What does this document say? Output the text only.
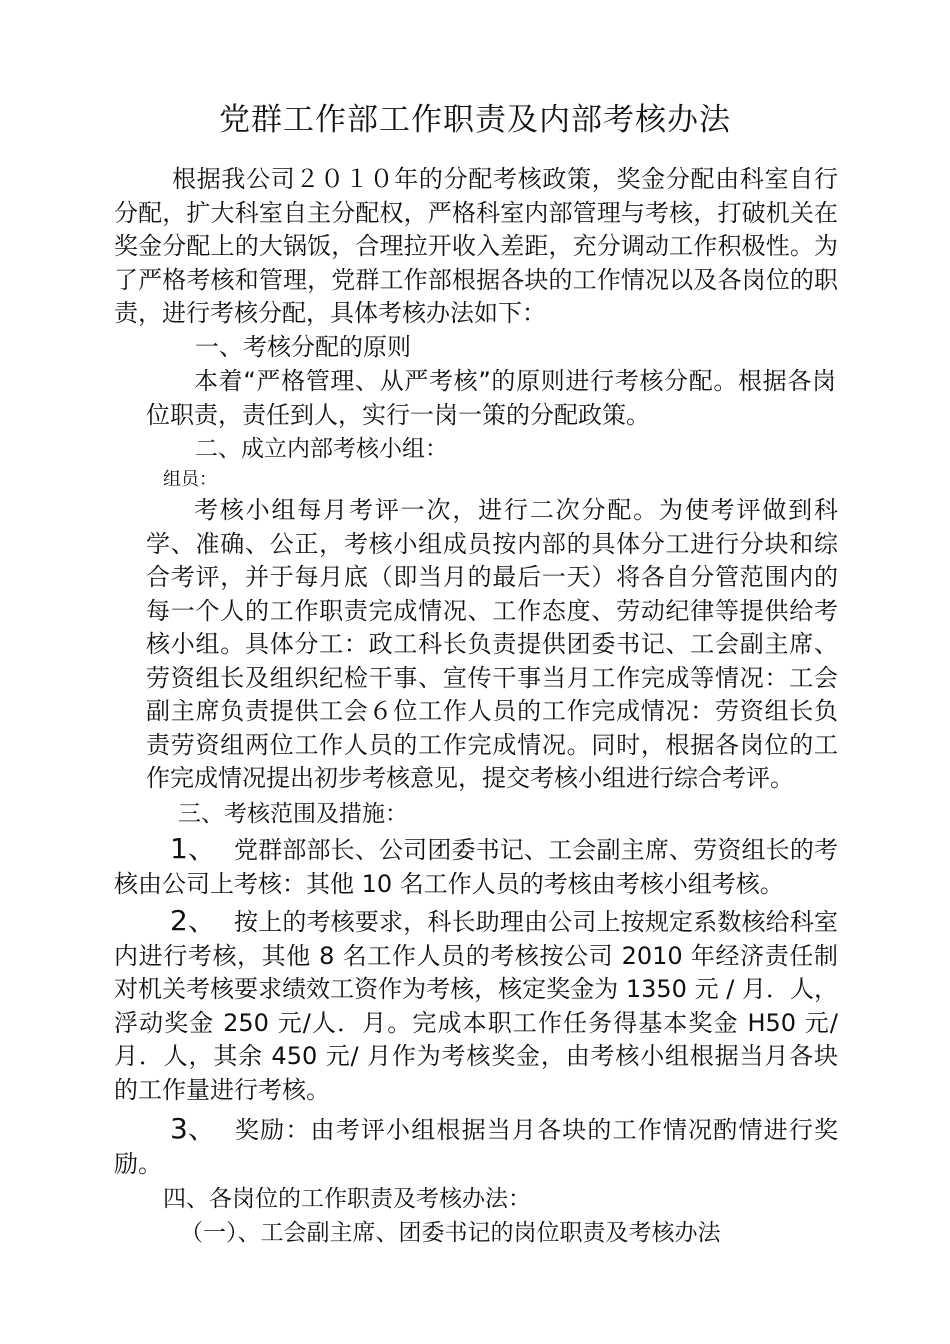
党群工作部工作职责及内部考核办法

根据我公司２０１０年的分配考核政策，奖金分配由科室自行分配，扩大科室自主分配权，严格科室内部管理与考核，打破机关在奖金分配上的大锅饭，合理拉开收入差距，充分调动工作积极性。为了严格考核和管理，党群工作部根据各块的工作情况以及各岗位的职责，进行考核分配，具体考核办法如下：

一、考核分配的原则

本着“严格管理、从严考核”的原则进行考核分配。根据各岗位职责，责任到人，实行一岗一策的分配政策。

二、成立内部考核小组：

组员：

考核小组每月考评一次，进行二次分配。为使考评做到科学、准确、公正，考核小组成员按内部的具体分工进行分块和综合考评，并于每月底（即当月的最后一天）将各自分管范围内的每一个人的工作职责完成情况、工作态度、劳动纪律等提供给考核小组。具体分工：政工科长负责提供团委书记、工会副主席、劳资组长及组织纪检干事、宣传干事当月工作完成等情况：工会副主席负责提供工会６位工作人员的工作完成情况：劳资组长负责劳资组两位工作人员的工作完成情况。同时，根据各岗位的工作完成情况提出初步考核意见，提交考核小组进行综合考评。

三、考核范围及措施：

1、 党群部部长、公司团委书记、工会副主席、劳资组长的考核由公司上考核：其他 10 名工作人员的考核由考核小组考核。

2、 按上的考核要求，科长助理由公司上按规定系数核给科室内进行考核，其他 8 名工作人员的考核按公司 2010 年经济责任制对机关考核要求绩效工资作为考核，核定奖金为 1350 元 / 月．人，浮动奖金 250 元/人．月。完成本职工作任务得基本奖金 H50 元/月．人，其余 450 元/ 月作为考核奖金，由考核小组根据当月各块的工作量进行考核。

3、 奖励：由考评小组根据当月各块的工作情况酌情进行奖励。

四、各岗位的工作职责及考核办法：

（一）、工会副主席、团委书记的岗位职责及考核办法
